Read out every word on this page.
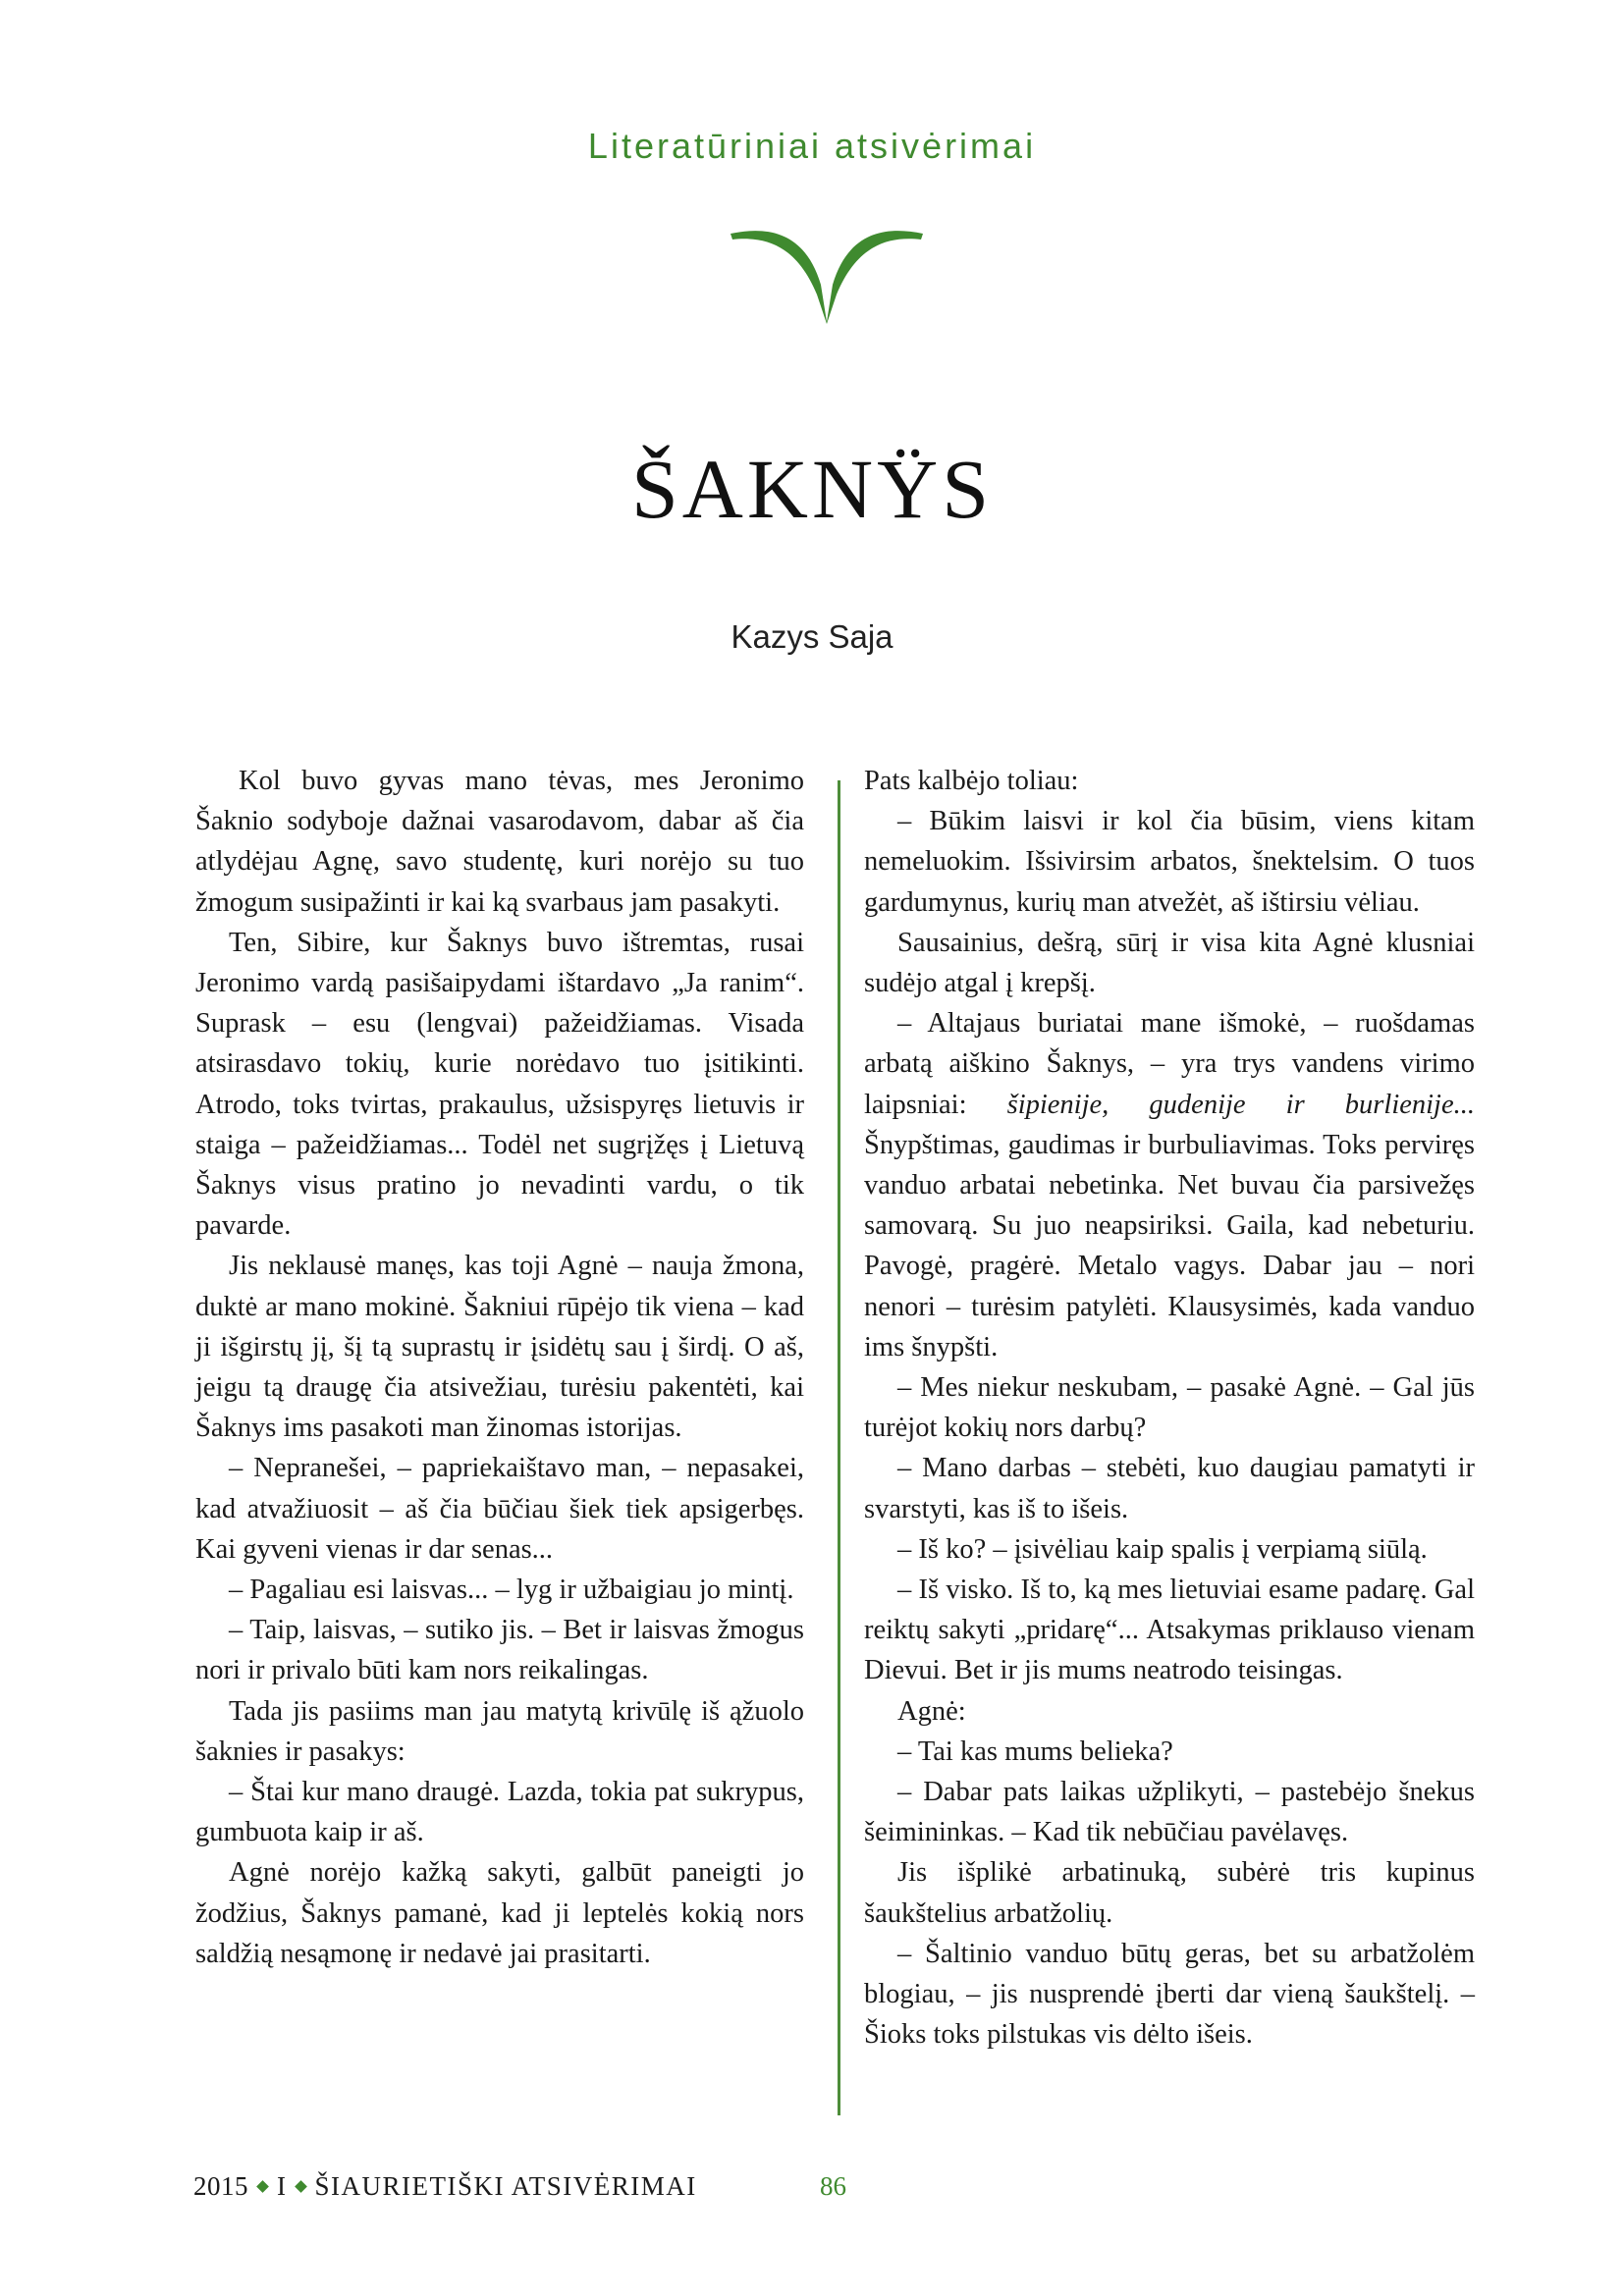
Literatūriniai atsivėrimai
ŠAKNŸS
Kazys Saja

Kol buvo gyvas mano tėvas, mes Jeronimo Šaknio sodyboje dažnai vasarodavom, dabar aš čia atlydėjau Agnę, savo studentę, kuri norėjo su tuo žmogum susipažinti ir kai ką svarbaus jam pasakyti.

Ten, Sibire, kur Šaknys buvo ištremtas, rusai Jeronimo vardą pasišaipydami ištardavo „Ja ranim“. Suprask – esu (lengvai) pažeidžiamas. Visada atsirasdavo tokių, kurie norėdavo tuo įsitikinti. Atrodo, toks tvirtas, prakaulus, užsispyręs lietuvis ir staiga – pažeidžiamas... Todėl net sugrįžęs į Lietuvą Šaknys visus pratino jo nevadinti vardu, o tik pavarde.

Jis neklausė manęs, kas toji Agnė – nauja žmona, duktė ar mano mokinė. Šakniui rūpėjo tik viena – kad ji išgirstų jį, šį tą suprastų ir įsidėtų sau į širdį. O aš, jeigu tą draugę čia atsivežiau, turėsiu pakentėti, kai Šaknys ims pasakoti man žinomas istorijas.

– Nepranešei, – papriekaištavo man, – nepasakei, kad atvažiuosit – aš čia būčiau šiek tiek apsigerbęs. Kai gyveni vienas ir dar senas...

– Pagaliau esi laisvas... – lyg ir užbaigiau jo mintį.

– Taip, laisvas, – sutiko jis. – Bet ir laisvas žmogus nori ir privalo būti kam nors reikalingas.

Tada jis pasiims man jau matytą krivūlę iš ąžuolo šaknies ir pasakys:

– Štai kur mano draugė. Lazda, tokia pat sukrypus, gumbuota kaip ir aš.

Agnė norėjo kažką sakyti, galbūt paneigti jo žodžius, Šaknys pamanė, kad ji leptelės kokią nors saldžią nesąmonę ir nedavė jai prasitarti.

Pats kalbėjo toliau:

– Būkim laisvi ir kol čia būsim, viens kitam nemeluokim. Išsivirsim arbatos, šnektelsim. O tuos gardumynus, kurių man atvežėt, aš ištirsiu vėliau.

Sausainius, dešrą, sūrį ir visa kita Agnė klusniai sudėjo atgal į krepšį.

– Altajaus buriatai mane išmokė, – ruošdamas arbatą aiškino Šaknys, – yra trys vandens virimo laipsniai: šipienije, gudenije ir burlienije... Šnypštimas, gaudimas ir burbuliavimas. Toks perviręs vanduo arbatai nebetinka. Net buvau čia parsivežęs samovarą. Su juo neapsiriksi. Gaila, kad nebeturiu. Pavogė, pragėrė. Metalo vagys. Dabar jau – nori nenori – turėsim patylėti. Klausysimės, kada vanduo ims šnypšti.

– Mes niekur neskubam, – pasakė Agnė. – Gal jūs turėjot kokių nors darbų?

– Mano darbas – stebėti, kuo daugiau pamatyti ir svarstyti, kas iš to išeis.

– Iš ko? – įsivėliau kaip spalis į verpiamą siūlą.

– Iš visko. Iš to, ką mes lietuviai esame padarę. Gal reiktų sakyti „pridarę“... Atsakymas priklauso vienam Dievui. Bet ir jis mums neatrodo teisingas.

Agnė:

– Tai kas mums belieka?

– Dabar pats laikas užplikyti, – pastebėjo šnekus šeimininkas. – Kad tik nebūčiau pavėlavęs.

Jis išplikė arbatinuką, subėrė tris kupinus šaukštelius arbatžolių.

– Šaltinio vanduo būtų geras, bet su arbatžolėm blogiau, – jis nusprendė įberti dar vieną šaukštelį. – Šioks toks pilstukas vis dėlto išeis.

2015 I ŠIAURIETIŠKI ATSIVĖRIMAI	86
